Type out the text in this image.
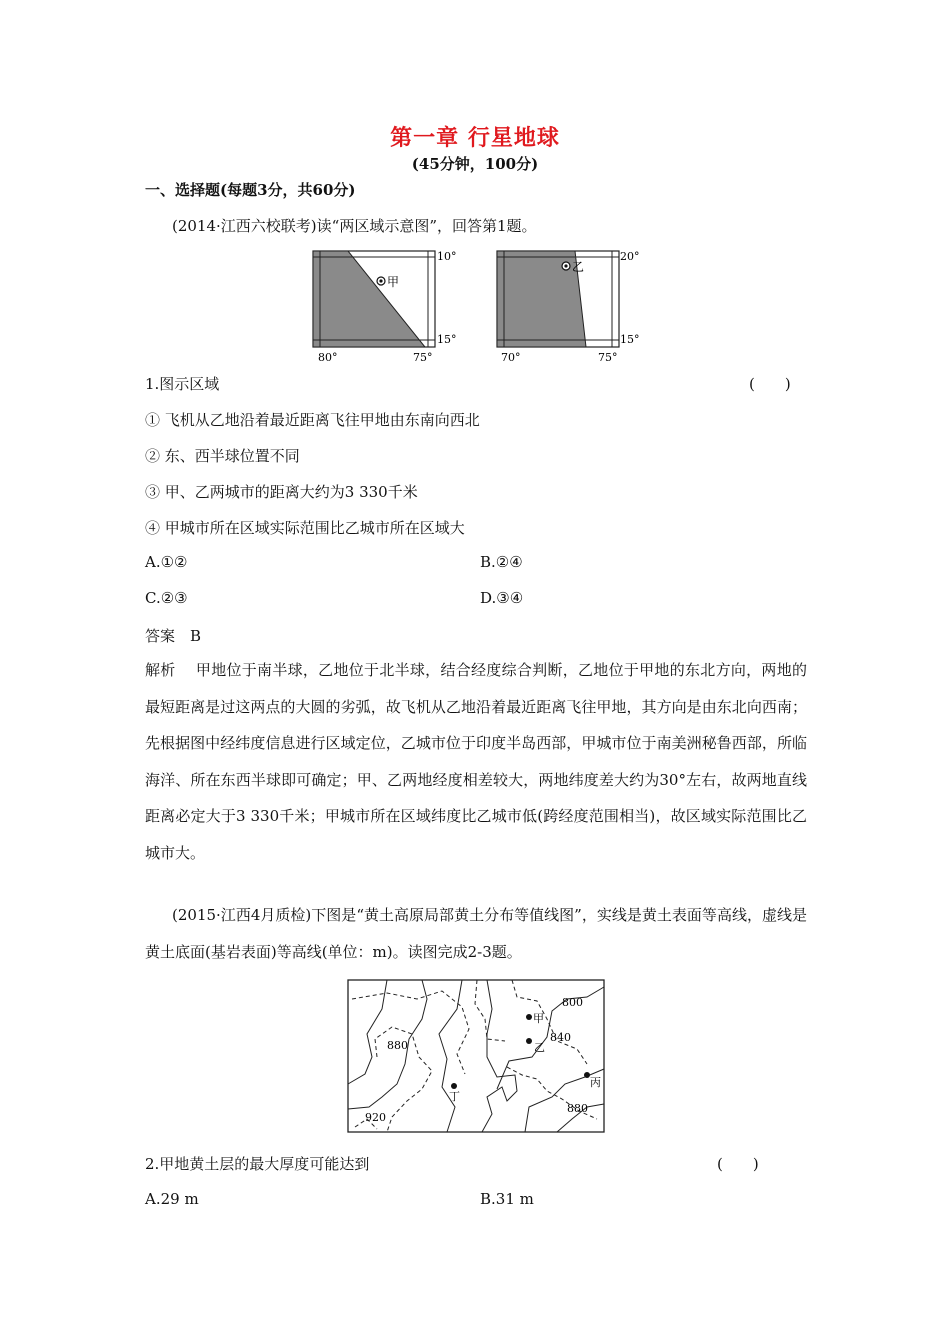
第一章 行星地球
(45分钟，100分)
一、选择题(每题3分，共60分)
(2014·江西六校联考)读“两区域示意图”，回答第1题。
甲
10°
15°
80°	75°
乙
20°
15°
70°	75°
1.图示区域	(　　)
① 飞机从乙地沿着最近距离飞往甲地由东南向西北
② 东、西半球位置不同
③ 甲、乙两城市的距离大约为3 330千米
④ 甲城市所在区域实际范围比乙城市所在区域大
A.①②	B.②④
C.②③	D.③④
答案　B
解析　 甲地位于南半球，乙地位于北半球，结合经度综合判断，乙地位于甲地的东北方向，两地的最短距离是过这两点的大圆的劣弧，故飞机从乙地沿着最近距离飞往甲地，其方向是由东北向西南；先根据图中经纬度信息进行区域定位，乙城市位于印度半岛西部，甲城市位于南美洲秘鲁西部，所临海洋、所在东西半球即可确定；甲、乙两地经度相差较大，两地纬度差大约为30°左右，故两地直线距离必定大于3 330千米；甲城市所在区域纬度比乙城市低(跨经度范围相当)，故区域实际范围比乙城市大。
(2015·江西4月质检)下图是“黄土高原局部黄土分布等值线图”，实线是黄土表面等高线，虚线是黄土底面(基岩表面)等高线(单位：m)。读图完成2-3题。
甲
乙
丙
丁
800
840
880
920
880
2.甲地黄土层的最大厚度可能达到	(　　)
A.29 m	B.31 m
